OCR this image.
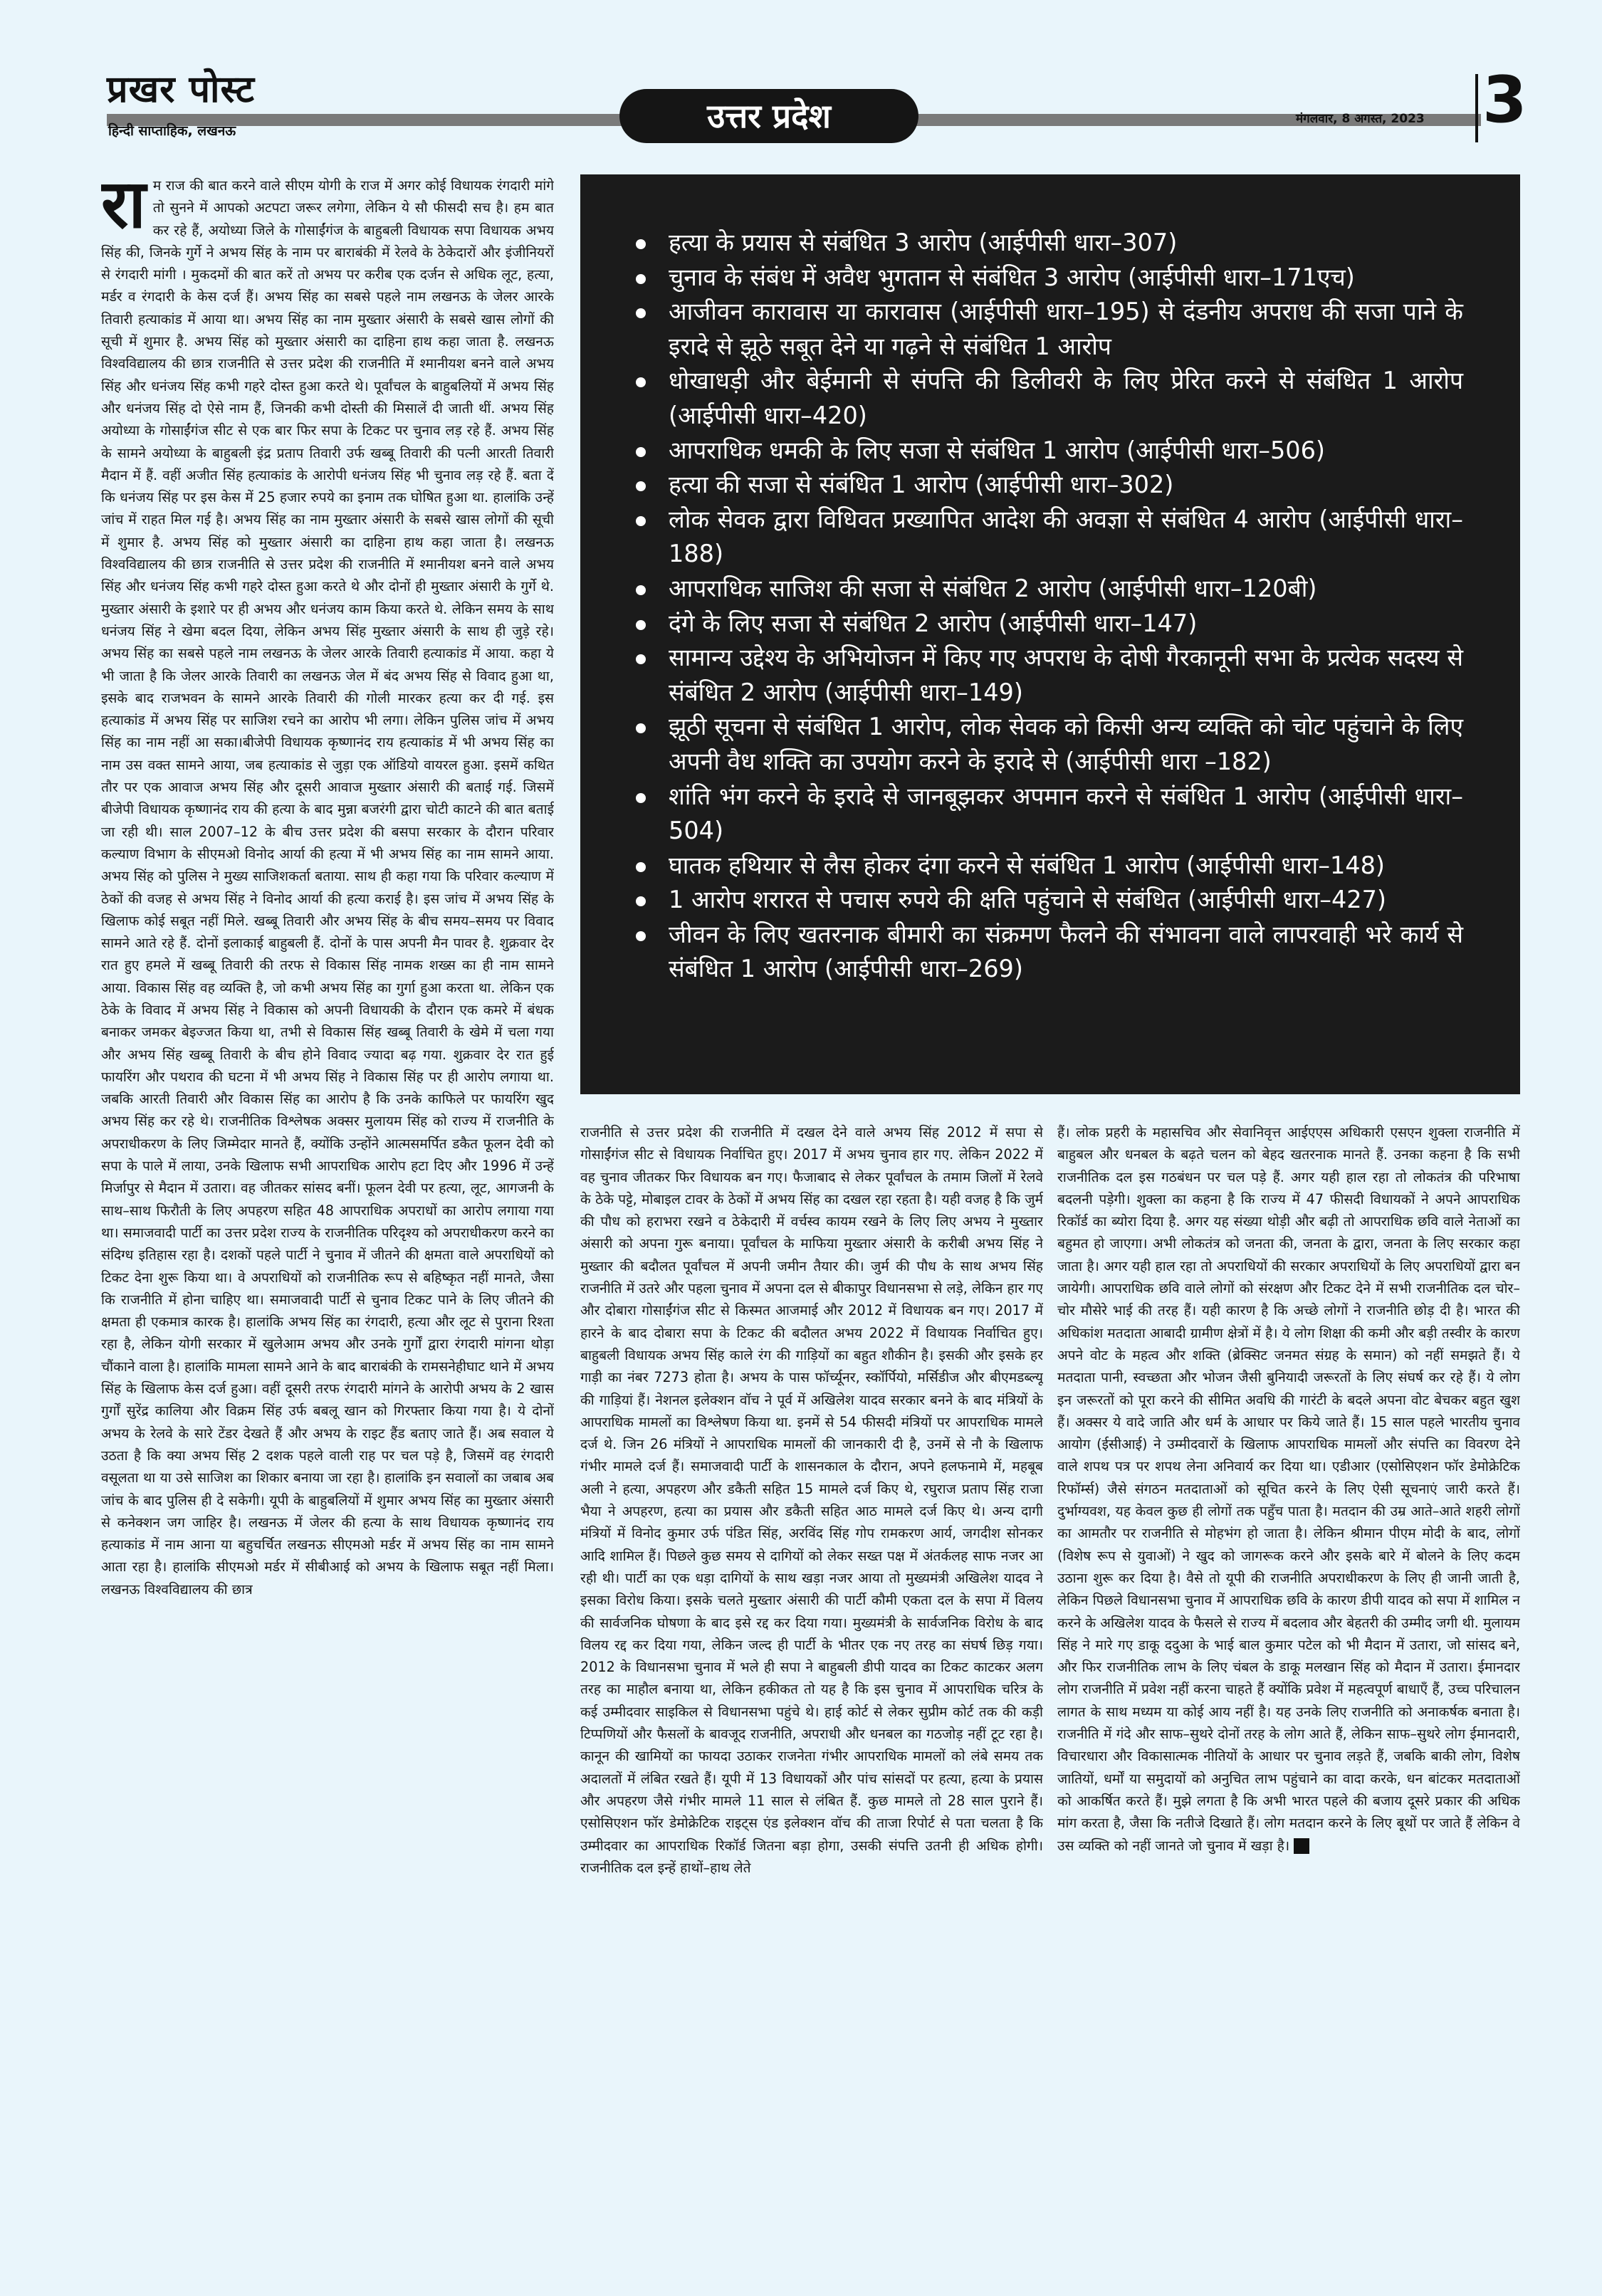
प्रखर पोस्ट
हिन्दी साप्ताहिक, लखनऊ	उत्तर प्रदेश	मंगलवार, 8 अगस्त, 2023 3

राम राज की बात करने वाले सीएम योगी के राज में अगर कोई विधायक रंगदारी मांगे तो सुनने में आपको अटपटा जरूर लगेगा, लेकिन ये सौ फीसदी सच है। हम बात कर रहे हैं, अयोध्या जिले के गोसाईंगंज के बाहुबली विधायक सपा विधायक अभय सिंह की, जिनके गुर्गे ने अभय सिंह के नाम पर बाराबंकी में रेलवे के ठेकेदारों और इंजीनियरों से रंगदारी मांगी । मुकदमों की बात करें तो अभय पर करीब एक दर्जन से अधिक लूट, हत्या, मर्डर व रंगदारी के केस दर्ज हैं। अभय सिंह का सबसे पहले नाम लखनऊ के जेलर आरके तिवारी हत्याकांड में आया था। अभय सिंह का नाम मुख्तार अंसारी के सबसे खास लोगों की सूची में शुमार है. अभय सिंह को मुख्तार अंसारी का दाहिना हाथ कहा जाता है. लखनऊ विश्वविद्यालय की छात्र राजनीति से उत्तर प्रदेश की राजनीति में श्मानीयश बनने वाले अभय सिंह और धनंजय सिंह कभी गहरे दोस्त हुआ करते थे। पूर्वांचल के बाहुबलियों में अभय सिंह और धनंजय सिंह दो ऐसे नाम हैं, जिनकी कभी दोस्ती की मिसालें दी जाती थीं. अभय सिंह अयोध्या के गोसाईंगंज सीट से एक बार फिर सपा के टिकट पर चुनाव लड़ रहे हैं. अभय सिंह के सामने अयोध्या के बाहुबली इंद्र प्रताप तिवारी उर्फ खब्बू तिवारी की पत्नी आरती तिवारी मैदान में हैं. वहीं अजीत सिंह हत्याकांड के आरोपी धनंजय सिंह भी चुनाव लड़ रहे हैं. बता दें कि धनंजय सिंह पर इस केस में 25 हजार रुपये का इनाम तक घोषित हुआ था. हालांकि उन्हें जांच में राहत मिल गई है। अभय सिंह का नाम मुख्तार अंसारी के सबसे खास लोगों की सूची में शुमार है. अभय सिंह को मुख्तार अंसारी का दाहिना हाथ कहा जाता है। लखनऊ विश्वविद्यालय की छात्र राजनीति से उत्तर प्रदेश की राजनीति में श्मानीयश बनने वाले अभय सिंह और धनंजय सिंह कभी गहरे दोस्त हुआ करते थे और दोनों ही मुख्तार अंसारी के गुर्गे थे. मुख्तार अंसारी के इशारे पर ही अभय और धनंजय काम किया करते थे. लेकिन समय के साथ धनंजय सिंह ने खेमा बदल दिया, लेकिन अभय सिंह मुख्तार अंसारी के साथ ही जुड़े रहे। अभय सिंह का सबसे पहले नाम लखनऊ के जेलर आरके तिवारी हत्याकांड में आया. कहा ये भी जाता है कि जेलर आरके तिवारी का लखनऊ जेल में बंद अभय सिंह से विवाद हुआ था, इसके बाद राजभवन के सामने आरके तिवारी की गोली मारकर हत्या कर दी गई. इस हत्याकांड में अभय सिंह पर साजिश रचने का आरोप भी लगा। लेकिन पुलिस जांच में अभय सिंह का नाम नहीं आ सका।बीजेपी विधायक कृष्णानंद राय हत्याकांड में भी अभय सिंह का नाम उस वक्त सामने आया, जब हत्याकांड से जुड़ा एक ऑडियो वायरल हुआ. इसमें कथित तौर पर एक आवाज अभय सिंह और दूसरी आवाज मुख्तार अंसारी की बताई गई. जिसमें बीजेपी विधायक कृष्णानंद राय की हत्या के बाद मुन्ना बजरंगी द्वारा चोटी काटने की बात बताई जा रही थी। साल 2007–12 के बीच उत्तर प्रदेश की बसपा सरकार के दौरान परिवार कल्याण विभाग के सीएमओ विनोद आर्या की हत्या में भी अभय सिंह का नाम सामने आया. अभय सिंह को पुलिस ने मुख्य साजिशकर्ता बताया. साथ ही कहा गया कि परिवार कल्याण में ठेकों की वजह से अभय सिंह ने विनोद आर्या की हत्या कराई है। इस जांच में अभय सिंह के खिलाफ कोई सबूत नहीं मिले. खब्बू तिवारी और अभय सिंह के बीच समय–समय पर विवाद सामने आते रहे हैं. दोनों इलाकाई बाहुबली हैं. दोनों के पास अपनी मैन पावर है. शुक्रवार देर रात हुए हमले में खब्बू तिवारी की तरफ से विकास सिंह नामक शख्स का ही नाम सामने आया. विकास सिंह वह व्यक्ति है, जो कभी अभय सिंह का गुर्गा हुआ करता था. लेकिन एक ठेके के विवाद में अभय सिंह ने विकास को अपनी विधायकी के दौरान एक कमरे में बंधक बनाकर जमकर बेइज्जत किया था, तभी से विकास सिंह खब्बू तिवारी के खेमे में चला गया और अभय सिंह खब्बू तिवारी के बीच होने विवाद ज्यादा बढ़ गया. शुक्रवार देर रात हुई फायरिंग और पथराव की घटना में भी अभय सिंह ने विकास सिंह पर ही आरोप लगाया था. जबकि आरती तिवारी और विकास सिंह का आरोप है कि उनके काफिले पर फायरिंग खुद अभय सिंह कर रहे थे। राजनीतिक विश्लेषक अक्सर मुलायम सिंह को राज्य में राजनीति के अपराधीकरण के लिए जिम्मेदार मानते हैं, क्योंकि उन्होंने आत्मसमर्पित डकैत फूलन देवी को सपा के पाले में लाया, उनके खिलाफ सभी आपराधिक आरोप हटा दिए और 1996 में उन्हें मिर्जापुर से मैदान में उतारा। वह जीतकर सांसद बनीं। फूलन देवी पर हत्या, लूट, आगजनी के साथ–साथ फिरौती के लिए अपहरण सहित 48 आपराधिक अपराधों का आरोप लगाया गया था। समाजवादी पार्टी का उत्तर प्रदेश राज्य के राजनीतिक परिदृश्य को अपराधीकरण करने का संदिग्ध इतिहास रहा है। दशकों पहले पार्टी ने चुनाव में जीतने की क्षमता वाले अपराधियों को टिकट देना शुरू किया था। वे अपराधियों को राजनीतिक रूप से बहिष्कृत नहीं मानते, जैसा कि राजनीति में होना चाहिए था। समाजवादी पार्टी से चुनाव टिकट पाने के लिए जीतने की क्षमता ही एकमात्र कारक है। हालांकि अभय सिंह का रंगदारी, हत्या और लूट से पुराना रिश्ता रहा है, लेकिन योगी सरकार में खुलेआम अभय और उनके गुर्गों द्वारा रंगदारी मांगना थोड़ा चौंकाने वाला है। हालांकि मामला सामने आने के बाद बाराबंकी के रामसनेहीघाट थाने में अभय सिंह के खिलाफ केस दर्ज हुआ। वहीं दूसरी तरफ रंगदारी मांगने के आरोपी अभय के 2 खास गुर्गों सुरेंद्र कालिया और विक्रम सिंह उर्फ बबलू खान को गिरफ्तार किया गया है। ये दोनों अभय के रेलवे के सारे टेंडर देखते हैं और अभय के राइट हैंड बताए जाते हैं। अब सवाल ये उठता है कि क्या अभय सिंह 2 दशक पहले वाली राह पर चल पड़े है, जिसमें वह रंगदारी वसूलता था या उसे साजिश का शिकार बनाया जा रहा है। हालांकि इन सवालों का जबाब अब जांच के बाद पुलिस ही दे सकेगी। यूपी के बाहुबलियों में शुमार अभय सिंह का मुख्तार अंसारी से कनेक्शन जग जाहिर है। लखनऊ में जेलर की हत्या के साथ विधायक कृष्णानंद राय हत्याकांड में नाम आना या बहुचर्चित लखनऊ सीएमओ मर्डर में अभय सिंह का नाम सामने आता रहा है। हालांकि सीएमओ मर्डर में सीबीआई को अभय के खिलाफ सबूत नहीं मिला। लखनऊ विश्वविद्यालय की छात्र

हत्या के प्रयास से संबंधित 3 आरोप (आईपीसी धारा–307)
चुनाव के संबंध में अवैध भुगतान से संबंधित 3 आरोप (आईपीसी धारा–171एच)
आजीवन कारावास या कारावास (आईपीसी धारा–195) से दंडनीय अपराध की सजा पाने के इरादे से झूठे सबूत देने या गढ़ने से संबंधित 1 आरोप
धोखाधड़ी और बेईमानी से संपत्ति की डिलीवरी के लिए प्रेरित करने से संबंधित 1 आरोप (आईपीसी धारा–420)
आपराधिक धमकी के लिए सजा से संबंधित 1 आरोप (आईपीसी धारा–506)
हत्या की सजा से संबंधित 1 आरोप (आईपीसी धारा–302)
लोक सेवक द्वारा विधिवत प्रख्यापित आदेश की अवज्ञा से संबंधित 4 आरोप (आईपीसी धारा–188)
आपराधिक साजिश की सजा से संबंधित 2 आरोप (आईपीसी धारा–120बी)
दंगे के लिए सजा से संबंधित 2 आरोप (आईपीसी धारा–147)
सामान्य उद्देश्य के अभियोजन में किए गए अपराध के दोषी गैरकानूनी सभा के प्रत्येक सदस्य से संबंधित 2 आरोप (आईपीसी धारा–149)
झूठी सूचना से संबंधित 1 आरोप, लोक सेवक को किसी अन्य व्यक्ति को चोट पहुंचाने के लिए अपनी वैध शक्ति का उपयोग करने के इरादे से (आईपीसी धारा –182)
शांति भंग करने के इरादे से जानबूझकर अपमान करने से संबंधित 1 आरोप (आईपीसी धारा–504)
घातक हथियार से लैस होकर दंगा करने से संबंधित 1 आरोप (आईपीसी धारा–148)
1 आरोप शरारत से पचास रुपये की क्षति पहुंचाने से संबंधित (आईपीसी धारा–427)
जीवन के लिए खतरनाक बीमारी का संक्रमण फैलने की संभावना वाले लापरवाही भरे कार्य से संबंधित 1 आरोप (आईपीसी धारा–269)

राजनीति से उत्तर प्रदेश की राजनीति में दखल देने वाले अभय सिंह 2012 में सपा से गोसाईंगंज सीट से विधायक निर्वाचित हुए। 2017 में अभय चुनाव हार गए. लेकिन 2022 में वह चुनाव जीतकर फिर विधायक बन गए। फैजाबाद से लेकर पूर्वांचल के तमाम जिलों में रेलवे के ठेके पट्टे, मोबाइल टावर के ठेकों में अभय सिंह का दखल रहा रहता है। यही वजह है कि जुर्म की पौध को हराभरा रखने व ठेकेदारी में वर्चस्व कायम रखने के लिए लिए अभय ने मुख्तार अंसारी को अपना गुरू बनाया। पूर्वांचल के माफिया मुख्तार अंसारी के करीबी अभय सिंह ने मुख्तार की बदौलत पूर्वांचल में अपनी जमीन तैयार की। जुर्म की पौध के साथ अभय सिंह राजनीति में उतरे और पहला चुनाव में अपना दल से बीकापुर विधानसभा से लड़े, लेकिन हार गए और दोबारा गोसाईंगंज सीट से किस्मत आजमाई और 2012 में विधायक बन गए। 2017 में हारने के बाद दोबारा सपा के टिकट की बदौलत अभय 2022 में विधायक निर्वाचित हुए। बाहुबली विधायक अभय सिंह काले रंग की गाड़ियों का बहुत शौकीन है। इसकी और इसके हर गाड़ी का नंबर 7273 होता है। अभय के पास फॉर्च्यूनर, स्कॉर्पियो, मर्सिडीज और बीएमडब्ल्यू की गाड़ियां हैं। नेशनल इलेक्शन वॉच ने पूर्व में अखिलेश यादव सरकार बनने के बाद मंत्रियों के आपराधिक मामलों का विश्लेषण किया था. इनमें से 54 फीसदी मंत्रियों पर आपराधिक मामले दर्ज थे. जिन 26 मंत्रियों ने आपराधिक मामलों की जानकारी दी है, उनमें से नौ के खिलाफ गंभीर मामले दर्ज हैं। समाजवादी पार्टी के शासनकाल के दौरान, अपने हलफनामे में, महबूब अली ने हत्या, अपहरण और डकैती सहित 15 मामले दर्ज किए थे, रघुराज प्रताप सिंह राजा भैया ने अपहरण, हत्या का प्रयास और डकैती सहित आठ मामले दर्ज किए थे। अन्य दागी मंत्रियों में विनोद कुमार उर्फ पंडित सिंह, अरविंद सिंह गोप रामकरण आर्य, जगदीश सोनकर आदि शामिल हैं। पिछले कुछ समय से दागियों को लेकर सख्त पक्ष में अंतर्कलह साफ नजर आ रही थी। पार्टी का एक धड़ा दागियों के साथ खड़ा नजर आया तो मुख्यमंत्री अखिलेश यादव ने इसका विरोध किया। इसके चलते मुख्तार अंसारी की पार्टी कौमी एकता दल के सपा में विलय की सार्वजनिक घोषणा के बाद इसे रद्द कर दिया गया। मुख्यमंत्री के सार्वजनिक विरोध के बाद विलय रद्द कर दिया गया, लेकिन जल्द ही पार्टी के भीतर एक नए तरह का संघर्ष छिड़ गया। 2012 के विधानसभा चुनाव में भले ही सपा ने बाहुबली डीपी यादव का टिकट काटकर अलग तरह का माहौल बनाया था, लेकिन हकीकत तो यह है कि इस चुनाव में आपराधिक चरित्र के कई उम्मीदवार साइकिल से विधानसभा पहुंचे थे। हाई कोर्ट से लेकर सुप्रीम कोर्ट तक की कड़ी टिप्पणियों और फैसलों के बावजूद राजनीति, अपराधी और धनबल का गठजोड़ नहीं टूट रहा है। कानून की खामियों का फायदा उठाकर राजनेता गंभीर आपराधिक मामलों को लंबे समय तक अदालतों में लंबित रखते हैं। यूपी में 13 विधायकों और पांच सांसदों पर हत्या, हत्या के प्रयास और अपहरण जैसे गंभीर मामले 11 साल से लंबित हैं. कुछ मामले तो 28 साल पुराने हैं। एसोसिएशन फॉर डेमोक्रेटिक राइट्स एंड इलेक्शन वॉच की ताजा रिपोर्ट से पता चलता है कि उम्मीदवार का आपराधिक रिकॉर्ड जितना बड़ा होगा, उसकी संपत्ति उतनी ही अधिक होगी। राजनीतिक दल इन्हें हाथों–हाथ लेते

हैं। लोक प्रहरी के महासचिव और सेवानिवृत्त आईएएस अधिकारी एसएन शुक्ला राजनीति में बाहुबल और धनबल के बढ़ते चलन को बेहद खतरनाक मानते हैं. उनका कहना है कि सभी राजनीतिक दल इस गठबंधन पर चल पड़े हैं. अगर यही हाल रहा तो लोकतंत्र की परिभाषा बदलनी पड़ेगी। शुक्ला का कहना है कि राज्य में 47 फीसदी विधायकों ने अपने आपराधिक रिकॉर्ड का ब्योरा दिया है. अगर यह संख्या थोड़ी और बढ़ी तो आपराधिक छवि वाले नेताओं का बहुमत हो जाएगा। अभी लोकतंत्र को जनता की, जनता के द्वारा, जनता के लिए सरकार कहा जाता है। अगर यही हाल रहा तो अपराधियों की सरकार अपराधियों के लिए अपराधियों द्वारा बन जायेगी। आपराधिक छवि वाले लोगों को संरक्षण और टिकट देने में सभी राजनीतिक दल चोर–चोर मौसेरे भाई की तरह हैं। यही कारण है कि अच्छे लोगों ने राजनीति छोड़ दी है। भारत की अधिकांश मतदाता आबादी ग्रामीण क्षेत्रों में है। ये लोग शिक्षा की कमी और बड़ी तस्वीर के कारण अपने वोट के महत्व और शक्ति (ब्रेक्सिट जनमत संग्रह के समान) को नहीं समझते हैं। ये मतदाता पानी, स्वच्छता और भोजन जैसी बुनियादी जरूरतों के लिए संघर्ष कर रहे हैं। ये लोग इन जरूरतों को पूरा करने की सीमित अवधि की गारंटी के बदले अपना वोट बेचकर बहुत खुश हैं। अक्सर ये वादे जाति और धर्म के आधार पर किये जाते हैं। 15 साल पहले भारतीय चुनाव आयोग (ईसीआई) ने उम्मीदवारों के खिलाफ आपराधिक मामलों और संपत्ति का विवरण देने वाले शपथ पत्र पर शपथ लेना अनिवार्य कर दिया था। एडीआर (एसोसिएशन फॉर डेमोक्रेटिक रिफॉर्म्स) जैसे संगठन मतदाताओं को सूचित करने के लिए ऐसी सूचनाएं जारी करते हैं। दुर्भाग्यवश, यह केवल कुछ ही लोगों तक पहुँच पाता है। मतदान की उम्र आते–आते शहरी लोगों का आमतौर पर राजनीति से मोहभंग हो जाता है। लेकिन श्रीमान पीएम मोदी के बाद, लोगों (विशेष रूप से युवाओं) ने खुद को जागरूक करने और इसके बारे में बोलने के लिए कदम उठाना शुरू कर दिया है। वैसे तो यूपी की राजनीति अपराधीकरण के लिए ही जानी जाती है, लेकिन पिछले विधानसभा चुनाव में आपराधिक छवि के कारण डीपी यादव को सपा में शामिल न करने के अखिलेश यादव के फैसले से राज्य में बदलाव और बेहतरी की उम्मीद जगी थी. मुलायम सिंह ने मारे गए डाकू ददुआ के भाई बाल कुमार पटेल को भी मैदान में उतारा, जो सांसद बने, और फिर राजनीतिक लाभ के लिए चंबल के डाकू मलखान सिंह को मैदान में उतारा। ईमानदार लोग राजनीति में प्रवेश नहीं करना चाहते हैं क्योंकि प्रवेश में महत्वपूर्ण बाधाएँ हैं, उच्च परिचालन लागत के साथ मध्यम या कोई आय नहीं है। यह उनके लिए राजनीति को अनाकर्षक बनाता है। राजनीति में गंदे और साफ–सुथरे दोनों तरह के लोग आते हैं, लेकिन साफ–सुथरे लोग ईमानदारी, विचारधारा और विकासात्मक नीतियों के आधार पर चुनाव लड़ते हैं, जबकि बाकी लोग, विशेष जातियों, धर्मों या समुदायों को अनुचित लाभ पहुंचाने का वादा करके, धन बांटकर मतदाताओं को आकर्षित करते हैं। मुझे लगता है कि अभी भारत पहले की बजाय दूसरे प्रकार की अधिक मांग करता है, जैसा कि नतीजे दिखाते हैं। लोग मतदान करने के लिए बूथों पर जाते हैं लेकिन वे उस व्यक्ति को नहीं जानते जो चुनाव में खड़ा है।
